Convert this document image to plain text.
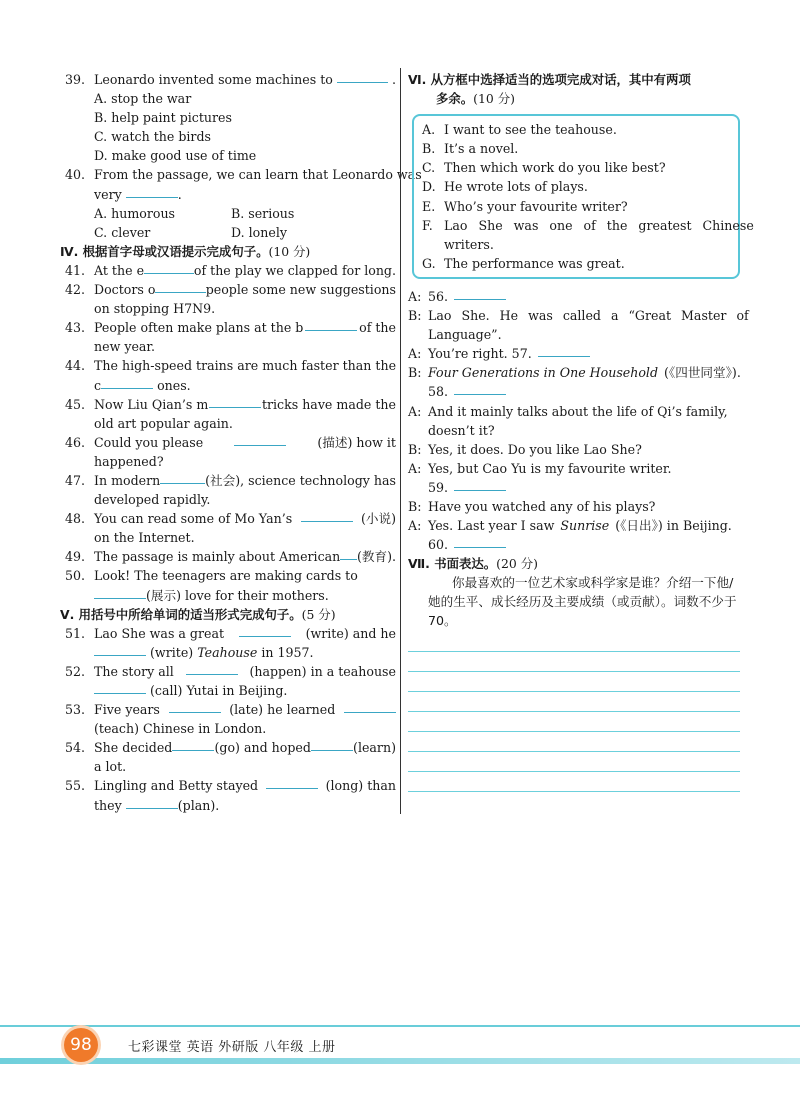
39. Leonardo invented some machines to	.
A. stop the war
B. help paint pictures
C. watch the birds
D. make good use of time
40. From the passage, we can learn that Leonardo was
very
	.
A. humorous	B. serious
C. clever	D. lonely
Ⅳ. 根据首字母或汉语提示完成句子。(10 分)
41. At the e	of the play we clapped for long.
42. Doctors o	people some new suggestions
on stopping H7N9.
43. People often make plans at the b	of the
new year.
44. The high-speed trains are much faster than the
c
	ones.
45. Now Liu Qian’s m	tricks have made the
old art popular again.
46. Could you please	(描述) how it
happened?
47. In modern	(社会), science technology has
developed rapidly.
48. You can read some of Mo Yan’s	(小说)
on the Internet.
49. The passage is mainly about American (教育).
50. Look! The teenagers are making cards to
(展示) love for their mothers.
Ⅴ. 用括号中所给单词的适当形式完成句子。(5 分)
51. Lao She was a great	(write) and he

(write)
Teahouse
in 1957.
52. The story all	(happen) in a teahouse

(call) Yutai in Beijing.
53. Five years	(late) he learned
(teach) Chinese in London.
54. She decided	(go) and hoped	(learn)
a lot.
55. Lingling and Betty stayed	(long) than
they
	(plan).
Ⅵ. 从方框中选择适当的选项完成对话，其中有两项
多余。(10 分)
A. I want to see the teahouse.
B. It’s a novel.
C. Then which work do you like best?
D. He wrote lots of plays.
E. Who’s your favourite writer?
F. Lao She was one of the greatest Chinese
writers.
G. The performance was great.
A: 56.
B: Lao She. He was called a “Great Master of
Language”.
A: You’re right. 57.
B: Four Generations in One Household (《四世同堂》).
58.
A: And it mainly talks about the life of Qi’s family,
doesn’t it?
B: Yes, it does. Do you like Lao She?
A: Yes, but Cao Yu is my favourite writer.
59.
B: Have you watched any of his plays?
A: Yes. Last year I saw Sunrise (《日出》) in Beijing.
60.
Ⅶ. 书面表达。(20 分)
你最喜欢的一位艺术家或科学家是谁？介绍一下他/她的生平、成长经历及主要成绩（或贡献）。词数不少于 70。
98	七彩课堂 英语 外研版 八年级 上册
